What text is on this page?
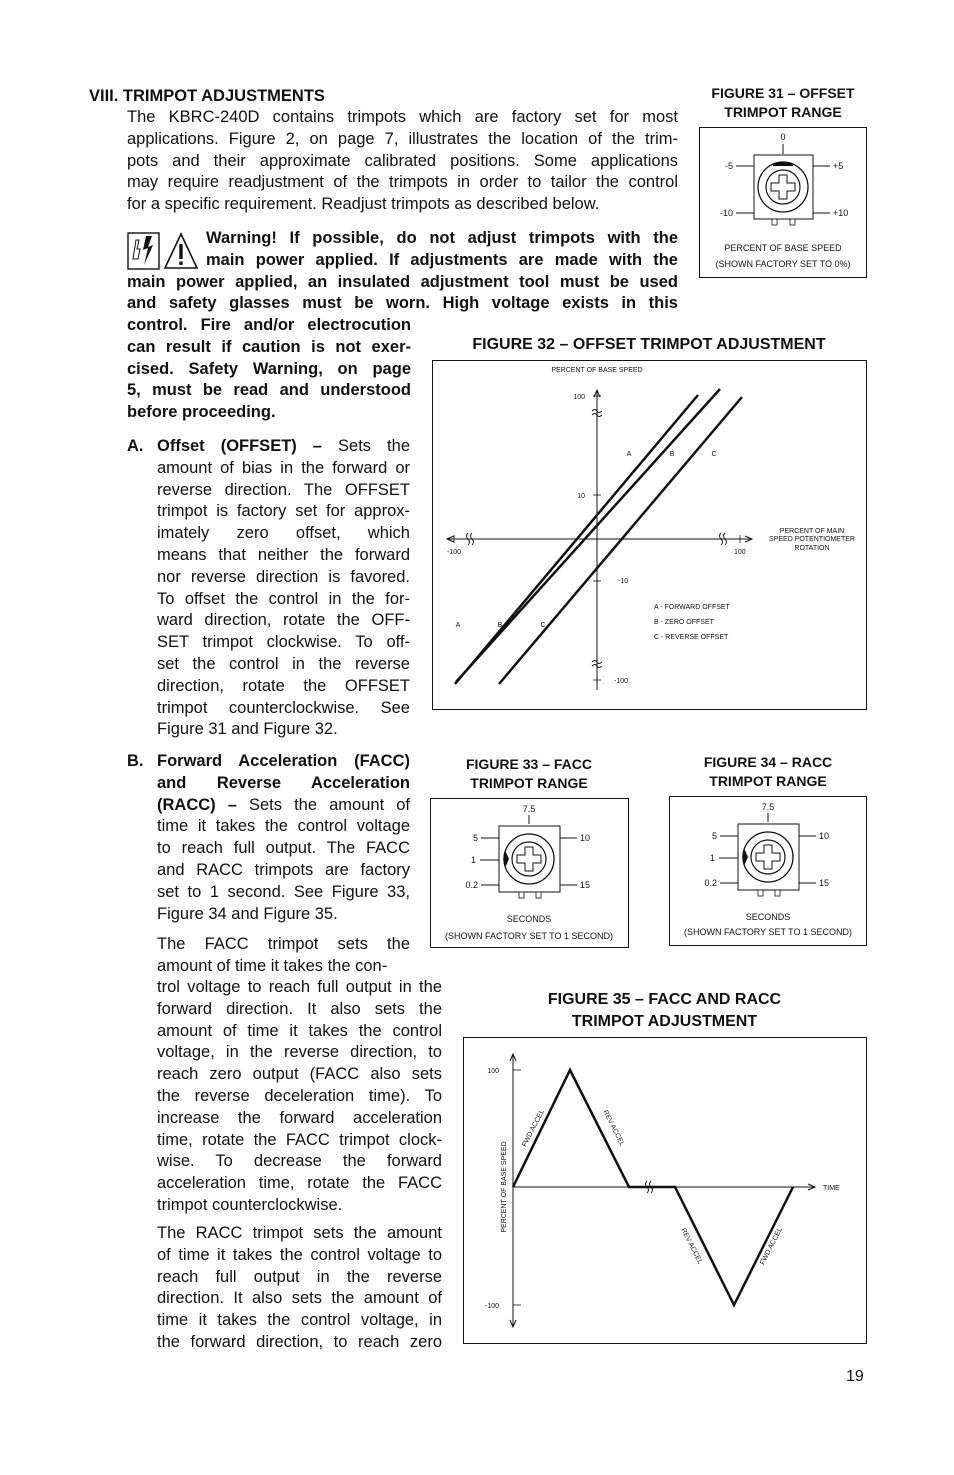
VIII. TRIMPOT ADJUSTMENTS
The KBRC-240D contains trimpots which are factory set for most
applications. Figure 2, on page 7, illustrates the location of the trim-
pots and their approximate calibrated positions. Some applications
may require readjustment of the trimpots in order to tailor the control
for a specific requirement. Readjust trimpots as described below.
Warning! If possible, do not adjust trimpots with the
main power applied. If adjustments are made with the
main power applied, an insulated adjustment tool must be used
and safety glasses must be worn. High voltage exists in this
control. Fire and/or electrocution
can result if caution is not exer-
cised. Safety Warning, on page
5, must be read and understood
before proceeding.
A. Offset (OFFSET) – Sets the
amount of bias in the forward or
reverse direction. The OFFSET
trimpot is factory set for approx-
imately zero offset, which
means that neither the forward
nor reverse direction is favored.
To offset the control in the for-
ward direction, rotate the OFF-
SET trimpot clockwise. To off-
set the control in the reverse
direction, rotate the OFFSET
trimpot counterclockwise. See
Figure 31 and Figure 32.
B. Forward Acceleration (FACC)
and Reverse Acceleration
(RACC) – Sets the amount of
time it takes the control voltage
to reach full output. The FACC
and RACC trimpots are factory
set to 1 second. See Figure 33,
Figure 34 and Figure 35.
The FACC trimpot sets the
amount of time it takes the con-
trol voltage to reach full output in the
forward direction. It also sets the
amount of time it takes the control
voltage, in the reverse direction, to
reach zero output (FACC also sets
the reverse deceleration time). To
increase the forward acceleration
time, rotate the FACC trimpot clock-
wise. To decrease the forward
acceleration time, rotate the FACC
trimpot counterclockwise.
The RACC trimpot sets the amount
of time it takes the control voltage to
reach full output in the reverse
direction. It also sets the amount of
time it takes the control voltage, in
the forward direction, to reach zero
FIGURE 31 – OFFSET
TRIMPOT RANGE
0
-5	+5
-10	+10
PERCENT OF BASE SPEED
(SHOWN FACTORY SET TO 0%)
FIGURE 32 – OFFSET TRIMPOT ADJUSTMENT
100
10
-10
-100
-100	100
PERCENT OF BASE SPEED
PERCENT OF MAIN
SPEED POTENTIOMETER
ROTATION
A	B	C
A	B	C
A - FORWARD OFFSET
B - ZERO OFFSET
C - REVERSE OFFSET
FIGURE 33 – FACC
TRIMPOT RANGE
7.5
5
1
0.2
10
15
SECONDS
(SHOWN FACTORY SET TO 1 SECOND)
FIGURE 34 – RACC
TRIMPOT RANGE
7.5
5
1
0.2
10
15
SECONDS
(SHOWN FACTORY SET TO 1 SECOND)
FIGURE 35 – FACC AND RACC
TRIMPOT ADJUSTMENT
100
-100
PERCENT OF BASE SPEED	TIME
FWD ACCEL	REV ACCEL
REV ACCEL	FWD ACCEL
19
